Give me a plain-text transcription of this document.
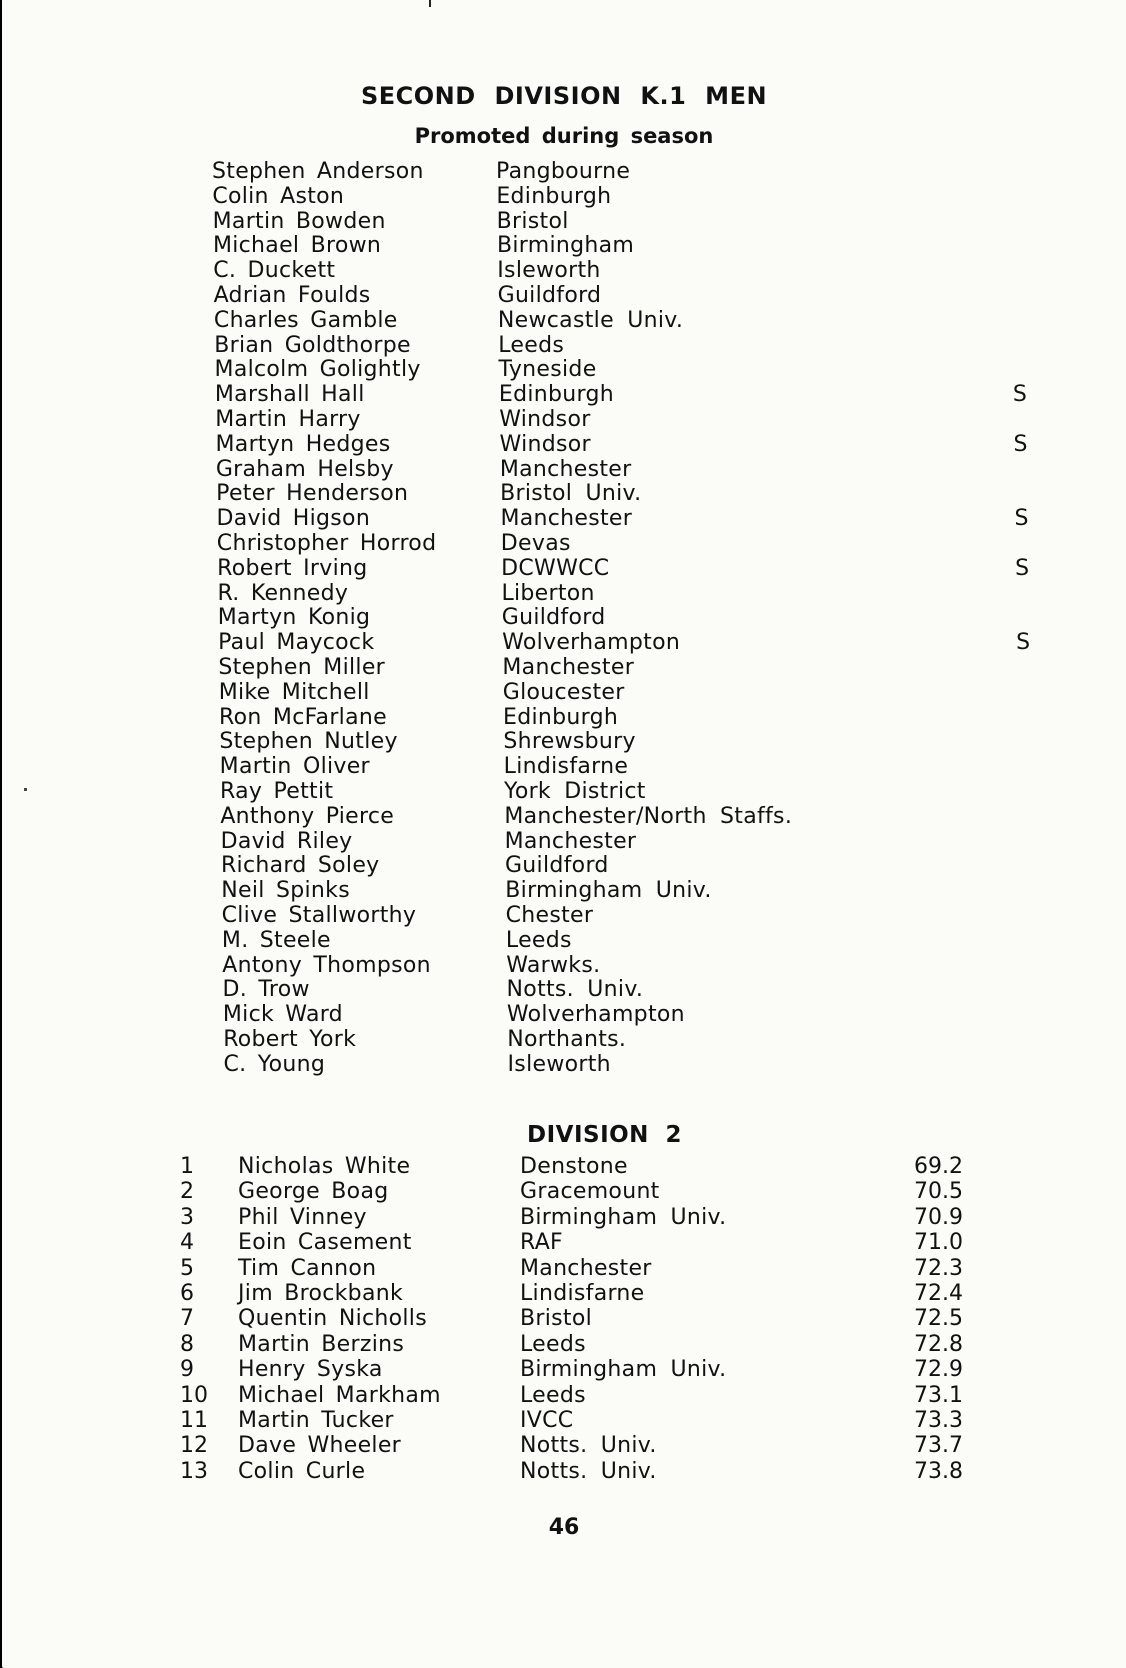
SECOND DIVISION K.1 MEN
Promoted during season
Stephen Anderson	Pangbourne
Colin Aston	Edinburgh
Martin Bowden	Bristol
Michael Brown	Birmingham
C. Duckett	Isleworth
Adrian Foulds	Guildford
Charles Gamble	Newcastle Univ.
Brian Goldthorpe	Leeds
Malcolm Golightly	Tyneside
Marshall Hall	Edinburgh	S
Martin Harry	Windsor
Martyn Hedges	Windsor	S
Graham Helsby	Manchester
Peter Henderson	Bristol Univ.
David Higson	Manchester	S
Christopher Horrod	Devas
Robert Irving	DCWWCC	S
R. Kennedy	Liberton
Martyn Konig	Guildford
Paul Maycock	Wolverhampton	S
Stephen Miller	Manchester
Mike Mitchell	Gloucester
Ron McFarlane	Edinburgh
Stephen Nutley	Shrewsbury
Martin Oliver	Lindisfarne
Ray Pettit	York District
Anthony Pierce	Manchester/North Staffs.
David Riley	Manchester
Richard Soley	Guildford
Neil Spinks	Birmingham Univ.
Clive Stallworthy	Chester
M. Steele	Leeds
Antony Thompson	Warwks.
D. Trow	Notts. Univ.
Mick Ward	Wolverhampton
Robert York	Northants.
C. Young	Isleworth
DIVISION 2
1	Nicholas White	Denstone	69.2
2	George Boag	Gracemount	70.5
3	Phil Vinney	Birmingham Univ.	70.9
4	Eoin Casement	RAF	71.0
5	Tim Cannon	Manchester	72.3
6	Jim Brockbank	Lindisfarne	72.4
7	Quentin Nicholls	Bristol	72.5
8	Martin Berzins	Leeds	72.8
9	Henry Syska	Birmingham Univ.	72.9
10 Michael Markham	Leeds	73.1
11 Martin Tucker	IVCC	73.3
12 Dave Wheeler	Notts. Univ.	73.7
13 Colin Curle	Notts. Univ.	73.8
46
